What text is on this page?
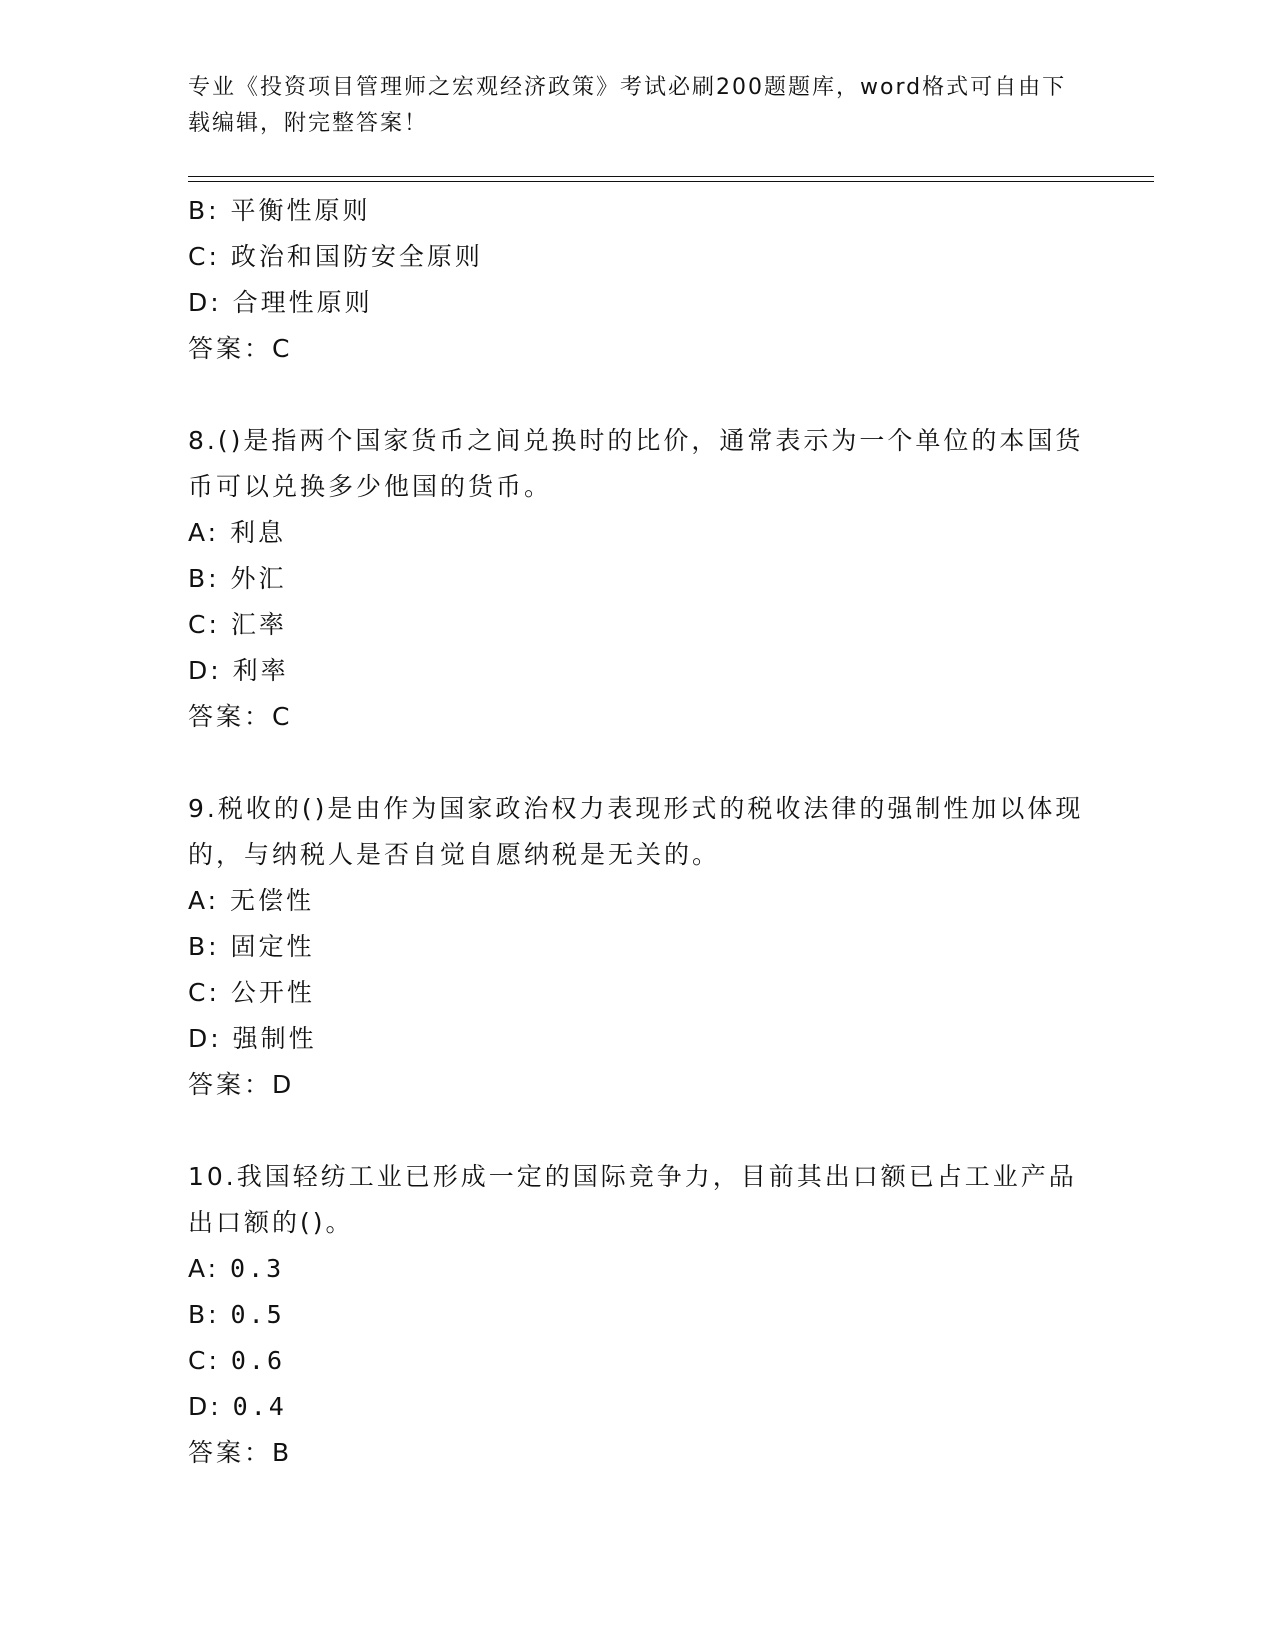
专业《投资项目管理师之宏观经济政策》考试必刷200题题库，word格式可自由下载编辑，附完整答案！
B: 平衡性原则
C: 政治和国防安全原则
D: 合理性原则
答案：C
8.()是指两个国家货币之间兑换时的比价，通常表示为一个单位的本国货币可以兑换多少他国的货币。
A: 利息
B: 外汇
C: 汇率
D: 利率
答案：C
9.税收的()是由作为国家政治权力表现形式的税收法律的强制性加以体现的，与纳税人是否自觉自愿纳税是无关的。
A: 无偿性
B: 固定性
C: 公开性
D: 强制性
答案：D
10.我国轻纺工业已形成一定的国际竞争力，目前其出口额已占工业产品出口额的()。
A: 0.3
B: 0.5
C: 0.6
D: 0.4
答案：B
